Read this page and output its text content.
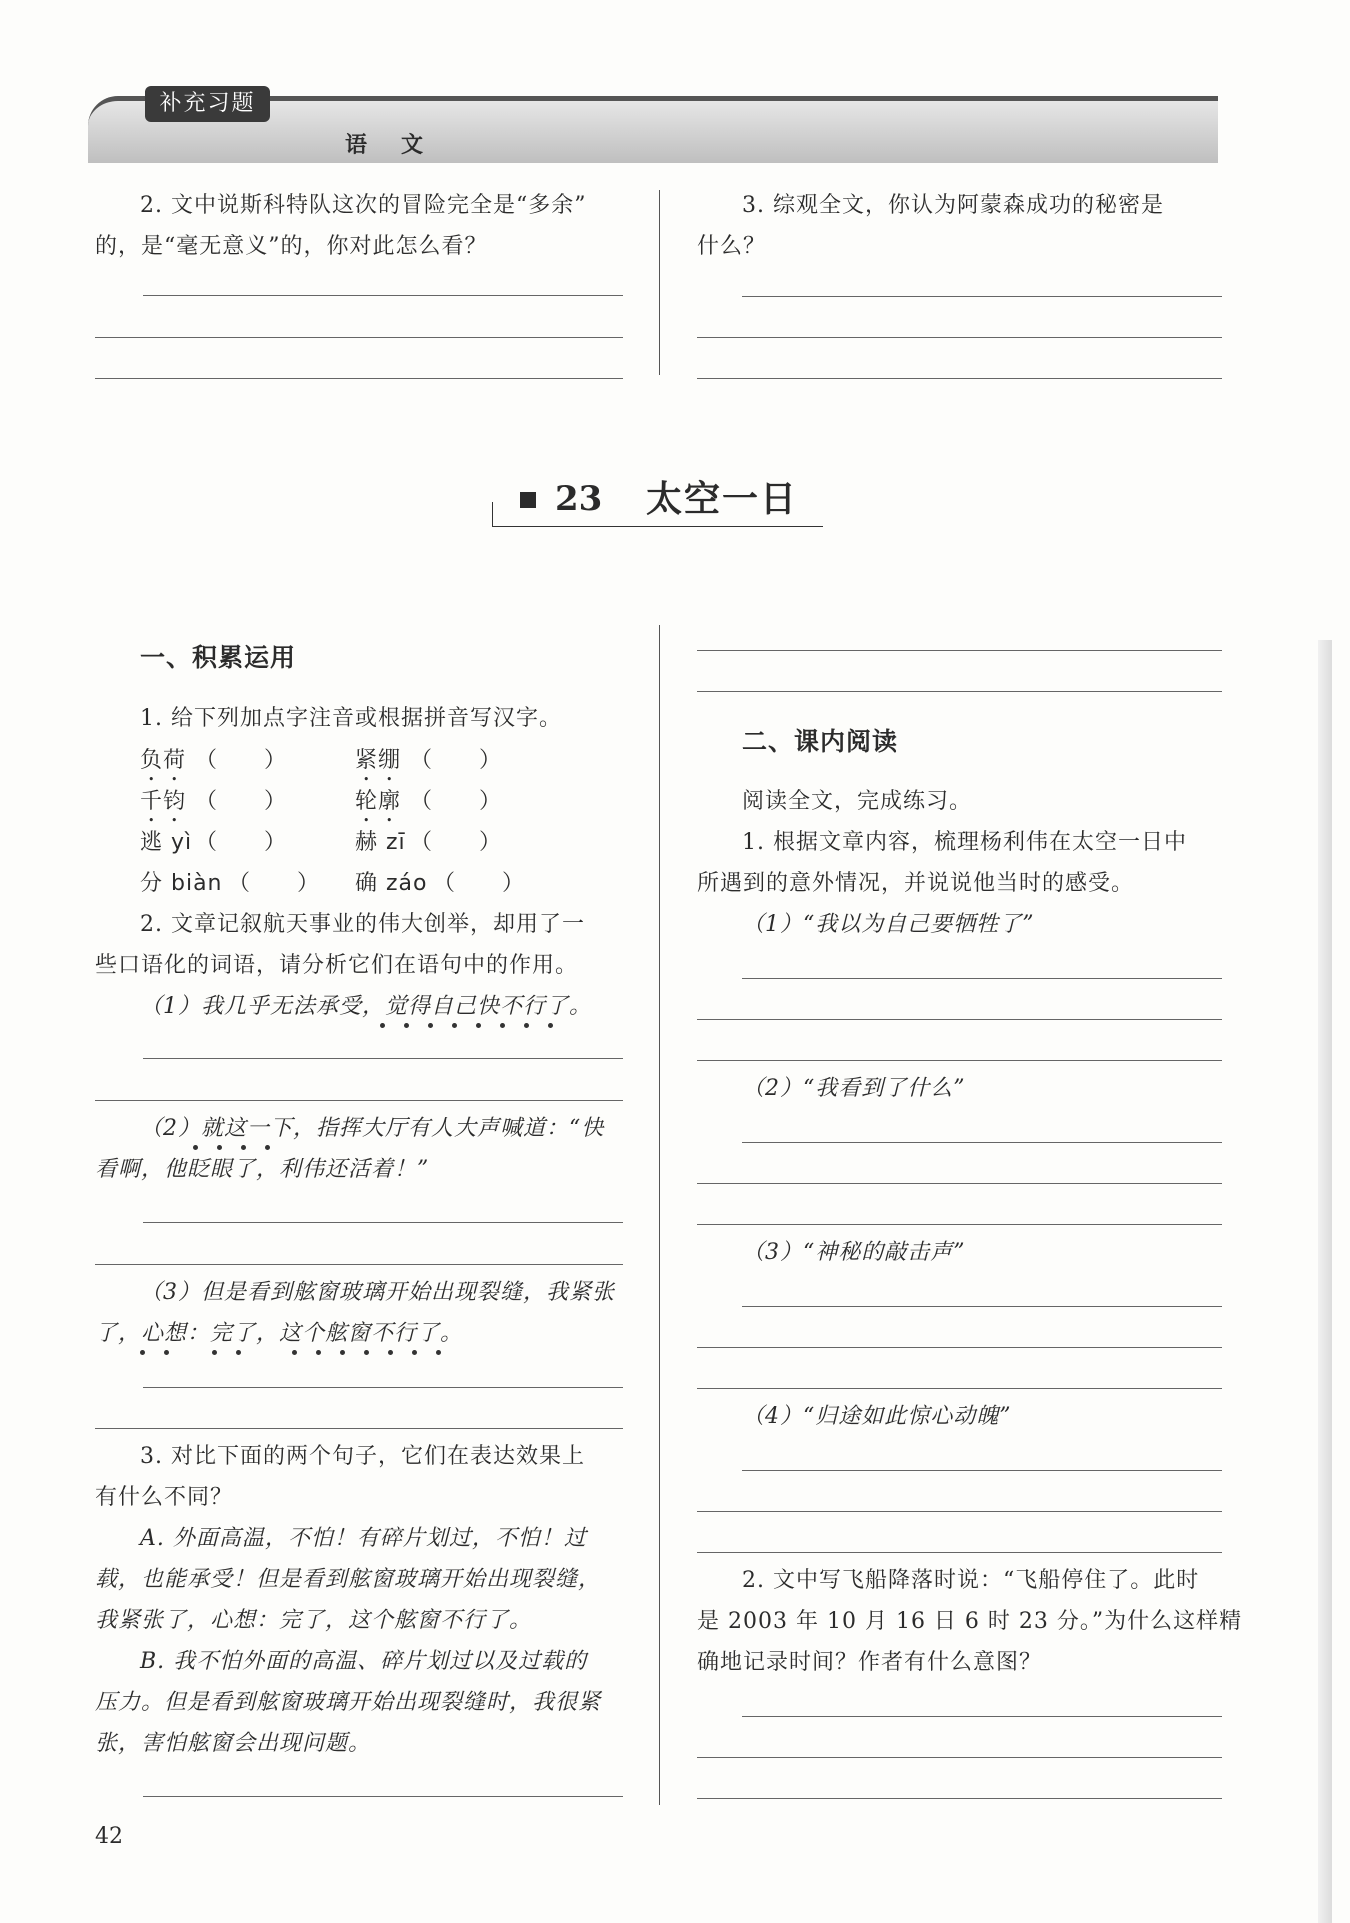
补充习题
语　文
2. 文中说斯科特队这次的冒险完全是“多余”
的，是“毫无意义”的，你对此怎么看？
3. 综观全文，你认为阿蒙森成功的秘密是
什么？
23 太空一日
一、积累运用
1. 给下列加点字注音或根据拼音写汉字。
负荷 （　　）	紧绷 （　　）
千钧 （　　）	轮廓 （　　）
逃 yì （　　）	赫 zī （　　）
分 biàn （　　） 确 záo （　　）
2. 文章记叙航天事业的伟大创举，却用了一
些口语化的词语，请分析它们在语句中的作用。
（1）我几乎无法承受，觉得自己快不行了。
（2）就这一下，指挥大厅有人大声喊道：“快
看啊，他眨眼了，利伟还活着！”
（3）但是看到舷窗玻璃开始出现裂缝，我紧张
了，心想：完了，这个舷窗不行了。
3. 对比下面的两个句子，它们在表达效果上
有什么不同？
A. 外面高温，不怕！有碎片划过，不怕！过
载，也能承受！但是看到舷窗玻璃开始出现裂缝，
我紧张了，心想：完了，这个舷窗不行了。
B. 我不怕外面的高温、碎片划过以及过载的
压力。但是看到舷窗玻璃开始出现裂缝时，我很紧
张，害怕舷窗会出现问题。
二、课内阅读
阅读全文，完成练习。
1. 根据文章内容，梳理杨利伟在太空一日中
所遇到的意外情况，并说说他当时的感受。
（1）“我以为自己要牺牲了”
（2）“我看到了什么”
（3）“神秘的敲击声”
（4）“归途如此惊心动魄”
2. 文中写飞船降落时说：“飞船停住了。此时
是 2003 年 10 月 16 日 6 时 23 分。”为什么这样精
确地记录时间？作者有什么意图？
42
